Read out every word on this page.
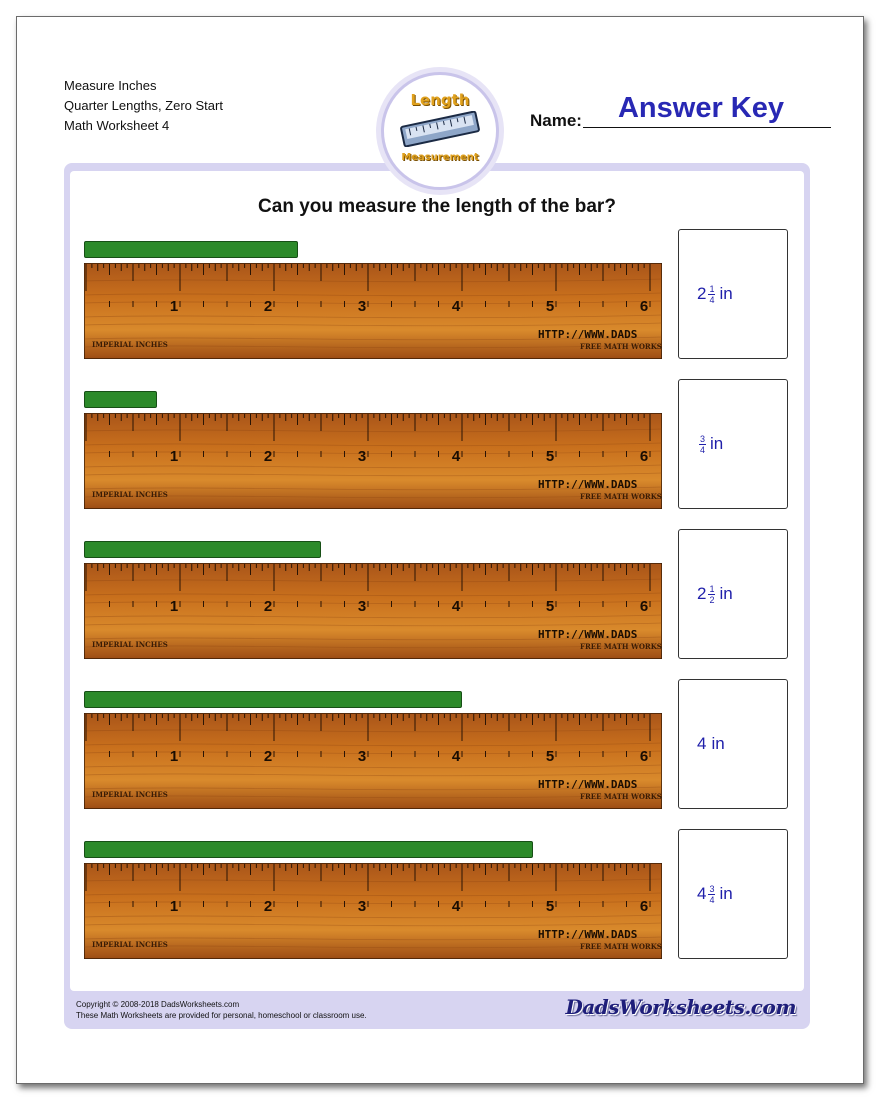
Measure Inches
Quarter Lengths, Zero Start
Math Worksheet 4
Length
Measurement
Name:	Answer Key
Can you measure the length of the bar?
1	2	3	4	5	6
IMPERIAL INCHES
HTTP://WWW.DADS
FREE MATH WORKS
$2 \frac{1}{4}$ in
1	2	3	4	5	6
IMPERIAL INCHES
HTTP://WWW.DADS
FREE MATH WORKS
$\frac{3}{4}$ in
1	2	3	4	5	6
IMPERIAL INCHES
HTTP://WWW.DADS
FREE MATH WORKS
$2 \frac{1}{2}$ in
1	2	3	4	5	6
IMPERIAL INCHES
HTTP://WWW.DADS
FREE MATH WORKS
4 in
1	2	3	4	5	6
IMPERIAL INCHES
HTTP://WWW.DADS
FREE MATH WORKS
$4 \frac{3}{4}$ in
Copyright © 2008-2018 DadsWorksheets.com
These Math Worksheets are provided for personal, homeschool or classroom use.	DadsWorksheets.com
